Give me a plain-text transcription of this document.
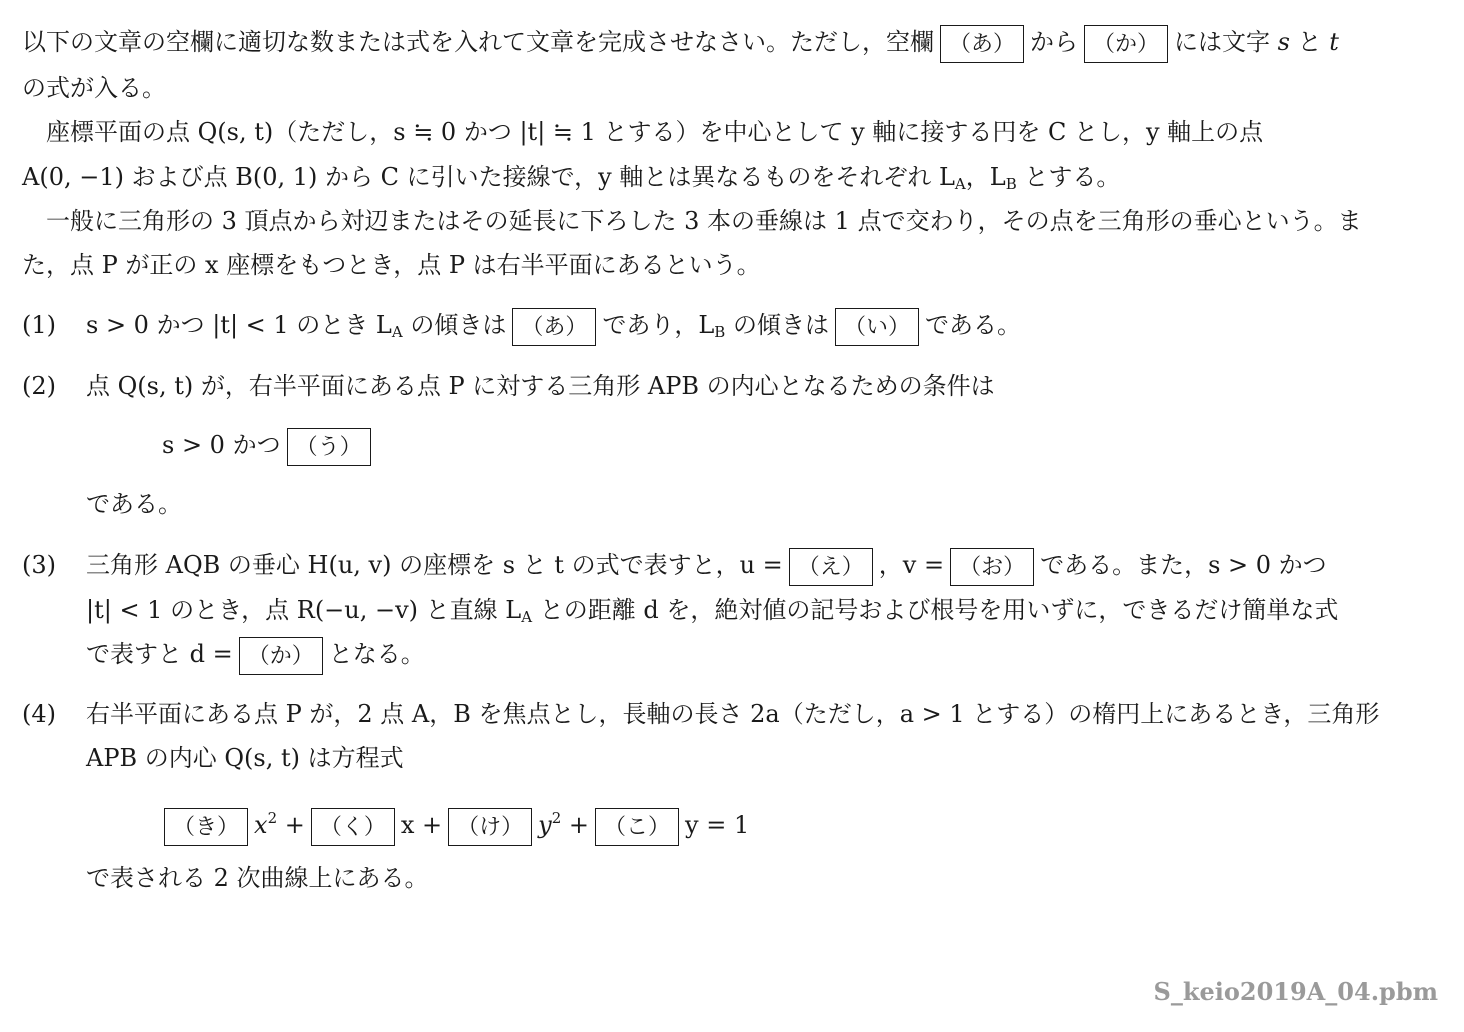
以下の文章の空欄に適切な数または式を入れて文章を完成させなさい。ただし，空欄 （あ） から （か） には文字 s と t
の式が入る。
　座標平面の点 Q(s, t)（ただし，s ≒ 0 かつ |t| ≒ 1 とする）を中心として y 軸に接する円を C とし，y 軸上の点
A(0, −1) および点 B(0, 1) から C に引いた接線で，y 軸とは異なるものをそれぞれ $L_A$，$L_B$ とする。
　一般に三角形の 3 頂点から対辺またはその延長に下ろした 3 本の垂線は 1 点で交わり，その点を三角形の垂心という。ま
た，点 P が正の x 座標をもつとき，点 P は右半平面にあるという。
(1) s > 0 かつ |t| < 1 のとき $L_A$ の傾きは （あ） であり，$L_B$ の傾きは （い） である。
(2) 点 Q(s, t) が，右半平面にある点 P に対する三角形 APB の内心となるための条件は
s > 0 かつ （う）
である。
(3) 三角形 AQB の垂心 H(u, v) の座標を s と t の式で表すと，u = （え） ，v = （お） である。また，s > 0 かつ
|t| < 1 のとき，点 R(−u, −v) と直線 $L_A$ との距離 d を，絶対値の記号および根号を用いずに，できるだけ簡単な式
で表すと d = （か） となる。
(4) 右半平面にある点 P が，2 点 A，B を焦点とし，長軸の長さ 2a（ただし，a > 1 とする）の楕円上にあるとき，三角形
APB の内心 Q(s, t) は方程式
（き） $x^2$ + （く） x + （け） $y^2$ + （こ） y = 1
で表される 2 次曲線上にある。
S_keio2019A_04.pbm
